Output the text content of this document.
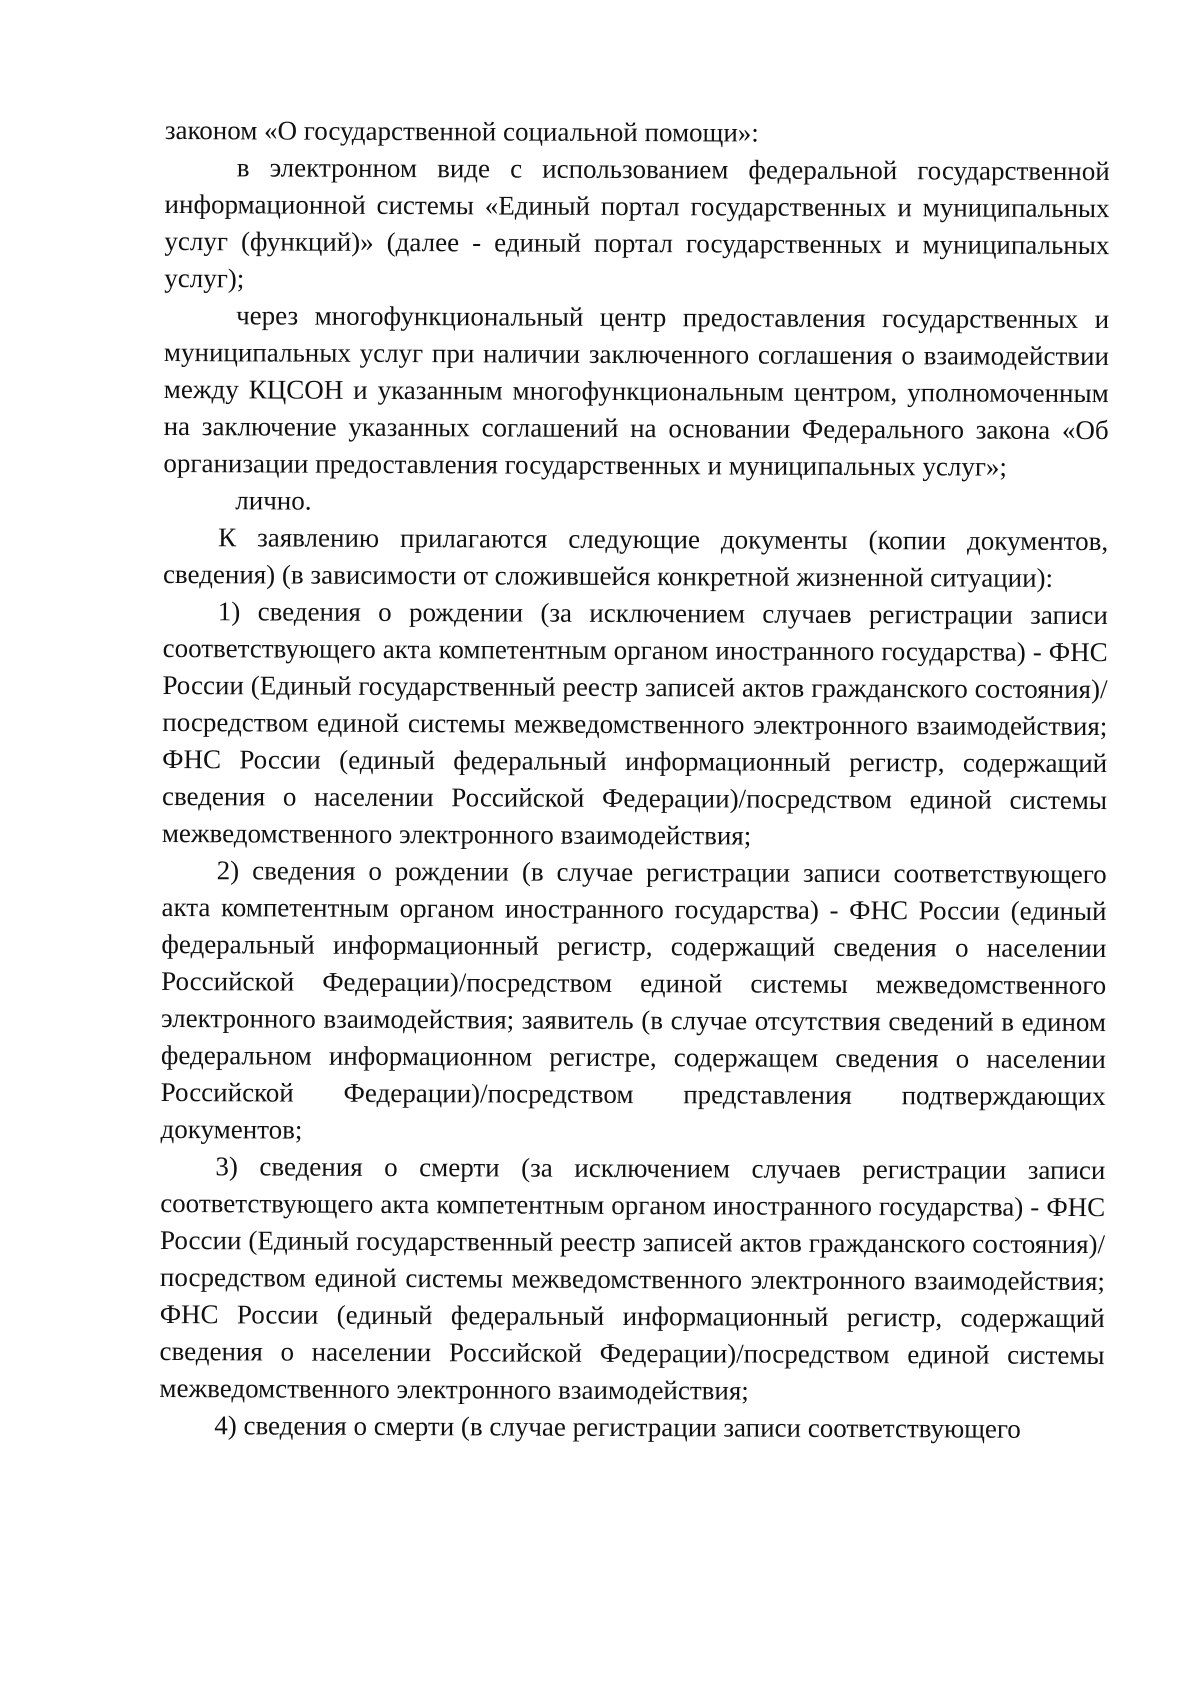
законом «О государственной социальной помощи»:

в электронном виде с использованием федеральной государственной информационной системы «Единый портал государственных и муниципальных услуг (функций)» (далее - единый портал государственных и муниципальных услуг);

через многофункциональный центр предоставления государственных и муниципальных услуг при наличии заключенного соглашения о взаимодействии между КЦСОН и указанным многофункциональным центром, уполномоченным на заключение указанных соглашений на основании Федерального закона «Об организации предоставления государственных и муниципальных услуг»;

лично.

К заявлению прилагаются следующие документы (копии документов, сведения) (в зависимости от сложившейся конкретной жизненной ситуации):

1) сведения о рождении (за исключением случаев регистрации записи соответствующего акта компетентным органом иностранного государства) - ФНС России (Единый государственный реестр записей актов гражданского состояния)/посредством единой системы межведомственного электронного взаимодействия; ФНС России (единый федеральный информационный регистр, содержащий сведения о населении Российской Федерации)/посредством единой системы межведомственного электронного взаимодействия;

2) сведения о рождении (в случае регистрации записи соответствующего акта компетентным органом иностранного государства) - ФНС России (единый федеральный информационный регистр, содержащий сведения о населении Российской Федерации)/посредством единой системы межведомственного электронного взаимодействия; заявитель (в случае отсутствия сведений в едином федеральном информационном регистре, содержащем сведения о населении Российской Федерации)/посредством представления подтверждающих документов;

3) сведения о смерти (за исключением случаев регистрации записи соответствующего акта компетентным органом иностранного государства) - ФНС России (Единый государственный реестр записей актов гражданского состояния)/посредством единой системы межведомственного электронного взаимодействия; ФНС России (единый федеральный информационный регистр, содержащий сведения о населении Российской Федерации)/посредством единой системы межведомственного электронного взаимодействия;

4) сведения о смерти (в случае регистрации записи соответствующего
